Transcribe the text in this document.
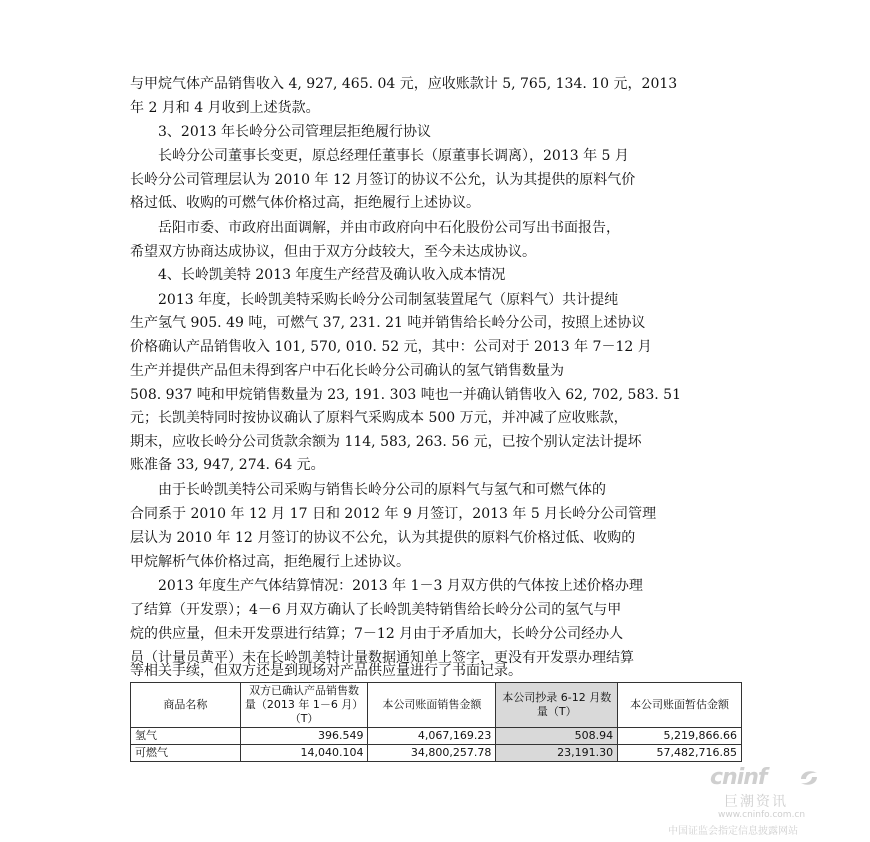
与甲烷气体产品销售收入 4, 927, 465. 04 元，应收账款计 5, 765, 134. 10 元，2013
年 2 月和 4 月收到上述货款。
3、2013 年长岭分公司管理层拒绝履行协议
长岭分公司董事长变更，原总经理任董事长（原董事长调离），2013 年 5 月
长岭分公司管理层认为 2010 年 12 月签订的协议不公允，认为其提供的原料气价
格过低、收购的可燃气体价格过高，拒绝履行上述协议。
岳阳市委、市政府出面调解，并由市政府向中石化股份公司写出书面报告，
希望双方协商达成协议，但由于双方分歧较大，至今未达成协议。
4、长岭凯美特 2013 年度生产经营及确认收入成本情况
2013 年度，长岭凯美特采购长岭分公司制氢装置尾气（原料气）共计提纯
生产氢气 905. 49 吨，可燃气 37, 231. 21 吨并销售给长岭分公司，按照上述协议
价格确认产品销售收入 101, 570, 010. 52 元，其中：公司对于 2013 年 7－12 月
生产并提供产品但未得到客户中石化长岭分公司确认的氢气销售数量为
508. 937 吨和甲烷销售数量为 23, 191. 303 吨也一并确认销售收入 62, 702, 583. 51
元；长凯美特同时按协议确认了原料气采购成本 500 万元，并冲减了应收账款，
期末，应收长岭分公司货款余额为 114, 583, 263. 56 元，已按个别认定法计提坏
账准备 33, 947, 274. 64 元。
由于长岭凯美特公司采购与销售长岭分公司的原料气与氢气和可燃气体的
合同系于 2010 年 12 月 17 日和 2012 年 9 月签订，2013 年 5 月长岭分公司管理
层认为 2010 年 12 月签订的协议不公允，认为其提供的原料气价格过低、收购的
甲烷解析气体价格过高，拒绝履行上述协议。
2013 年度生产气体结算情况：2013 年 1－3 月双方供的气体按上述价格办理
了结算（开发票）；4－6 月双方确认了长岭凯美特销售给长岭分公司的氢气与甲
烷的供应量，但未开发票进行结算；7－12 月由于矛盾加大，长岭分公司经办人
员（计量员黄平）未在长岭凯美特计量数据通知单上签字，更没有开发票办理结算
等相关手续，但双方还是到现场对产品供应量进行了书面记录。
商品名称	双方已确认产品销售数量（2013 年 1－6 月）（T）	本公司账面销售金额	本公司抄录 6-12 月数量（T）	本公司账面暂估金额
氢气	396.549	4,067,169.23	508.94	5,219,866.66
可燃气	14,040.104	34,800,257.78	23,191.30	57,482,716.85
cninf
巨潮资讯
www.cninfo.com.cn
中国证监会指定信息披露网站
